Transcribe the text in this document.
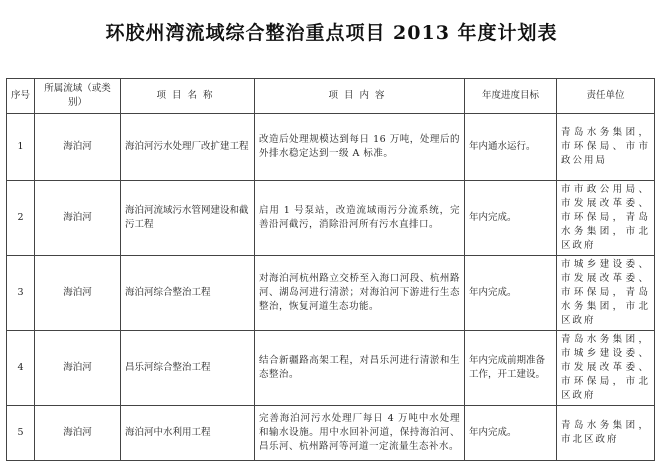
环胶州湾流域综合整治重点项目 2013 年度计划表
序号	所属流域（或类别）	项目名称	项目内容	年度进度目标	责任单位
1	海泊河	海泊河污水处理厂改扩建工程	改造后处理规模达到每日 16 万吨，处理后的外排水稳定达到一级 A 标准。	年内通水运行。	青岛水务集团，市环保局、市市政公用局
2	海泊河	海泊河流域污水管网建设和截污工程	启用 1 号泵站，改造流域雨污分流系统，完善沿河截污，消除沿河所有污水直排口。	年内完成。	市市政公用局、市发展改革委、市环保局，青岛水务集团，市北区政府
3	海泊河	海泊河综合整治工程	对海泊河杭州路立交桥至入海口河段、杭州路河、湖岛河进行清淤；对海泊河下游进行生态整治，恢复河道生态功能。	年内完成。	市城乡建设委、市发展改革委、市环保局，青岛水务集团，市北区政府
4	海泊河	昌乐河综合整治工程	结合新疆路高架工程，对昌乐河进行清淤和生态整治。	年内完成前期准备工作，开工建设。	青岛水务集团，市城乡建设委、市发展改革委、市环保局，市北区政府
5	海泊河	海泊河中水利用工程	完善海泊河污水处理厂每日 4 万吨中水处理和输水设施。用中水回补河道，保持海泊河、昌乐河、杭州路河等河道一定流量生态补水。	年内完成。	青岛水务集团，市北区政府
